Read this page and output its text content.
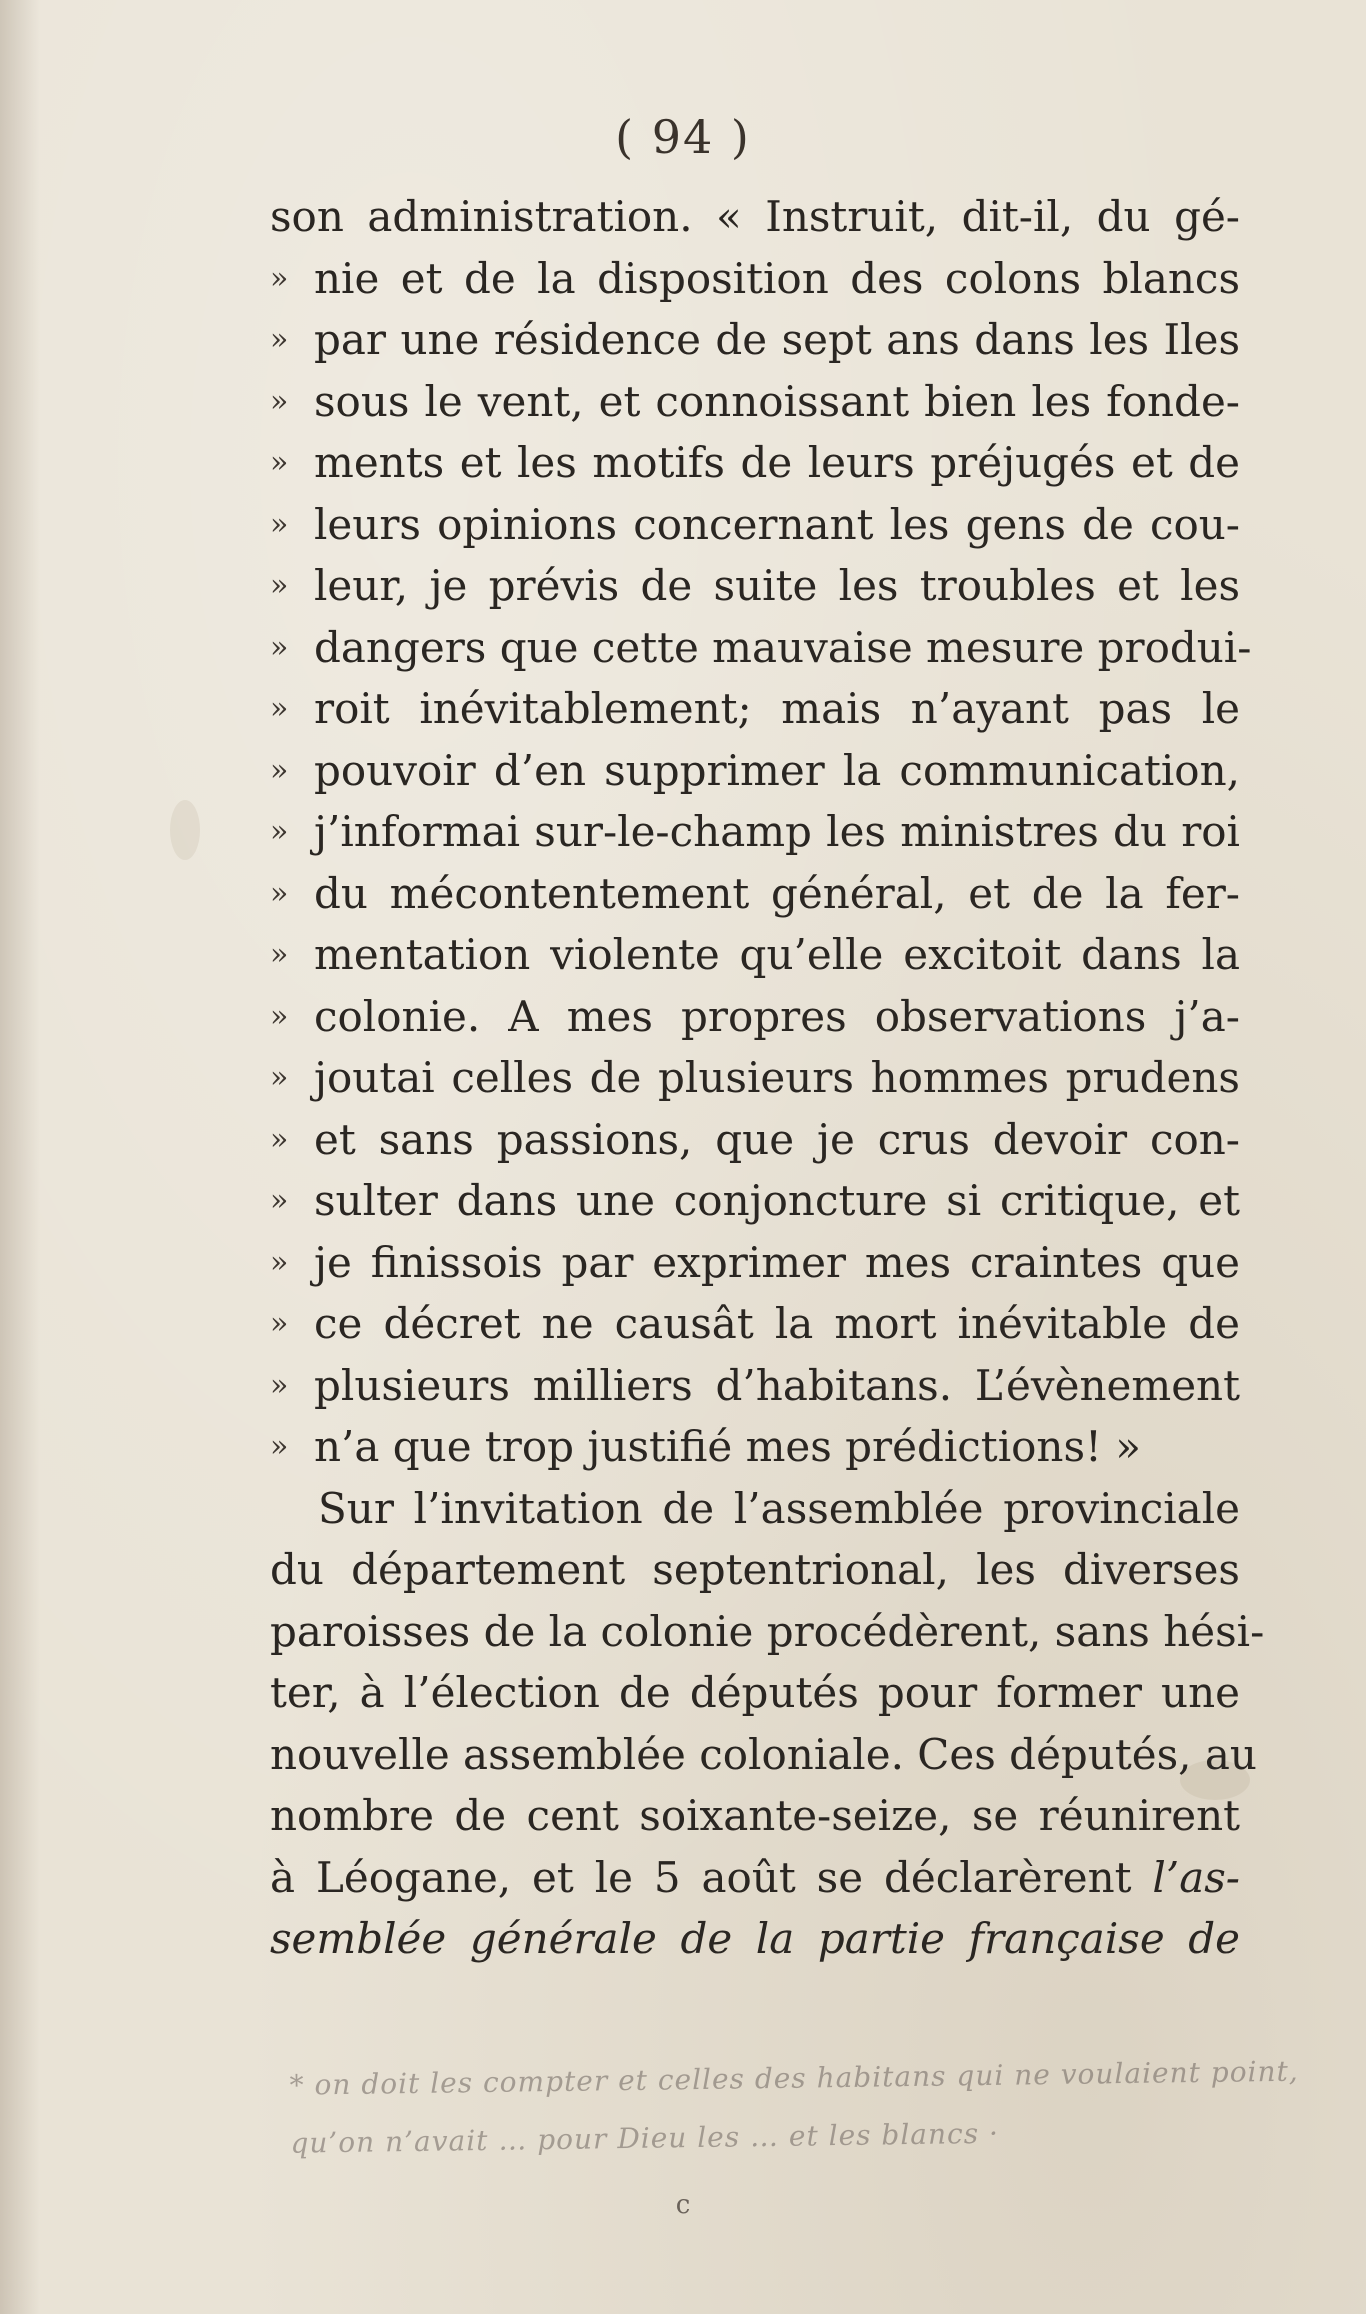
( 94 )
son administration. « Instruit, dit-il, du gé-
» nie et de la disposition des colons blancs
» par une résidence de sept ans dans les Iles
» sous le vent, et connoissant bien les fonde-
» ments et les motifs de leurs préjugés et de
» leurs opinions concernant les gens de cou-
» leur, je prévis de suite les troubles et les
» dangers que cette mauvaise mesure produi-
» roit inévitablement; mais n’ayant pas le
» pouvoir d’en supprimer la communication,
» j’informai sur-le-champ les ministres du roi
» du mécontentement général, et de la fer-
» mentation violente qu’elle excitoit dans la
» colonie. A mes propres observations j’a-
» joutai celles de plusieurs hommes prudens
» et sans passions, que je crus devoir con-
» sulter dans une conjoncture si critique, et
» je finissois par exprimer mes craintes que
» ce décret ne causât la mort inévitable de
» plusieurs milliers d’habitans. L’évènement
» n’a que trop justifié mes prédictions! »
Sur l’invitation de l’assemblée provinciale
du département septentrional, les diverses
paroisses de la colonie procédèrent, sans hési-
ter, à l’élection de députés pour former une
nouvelle assemblée coloniale. Ces députés, au
nombre de cent soixante-seize, se réunirent
à Léogane, et le 5 août se déclarèrent l’as-
semblée générale de la partie française de
* on doit les compter et celles des habitans qui ne voulaient point,
qu’on n’avait … pour Dieu les … et les blancs ·
c
